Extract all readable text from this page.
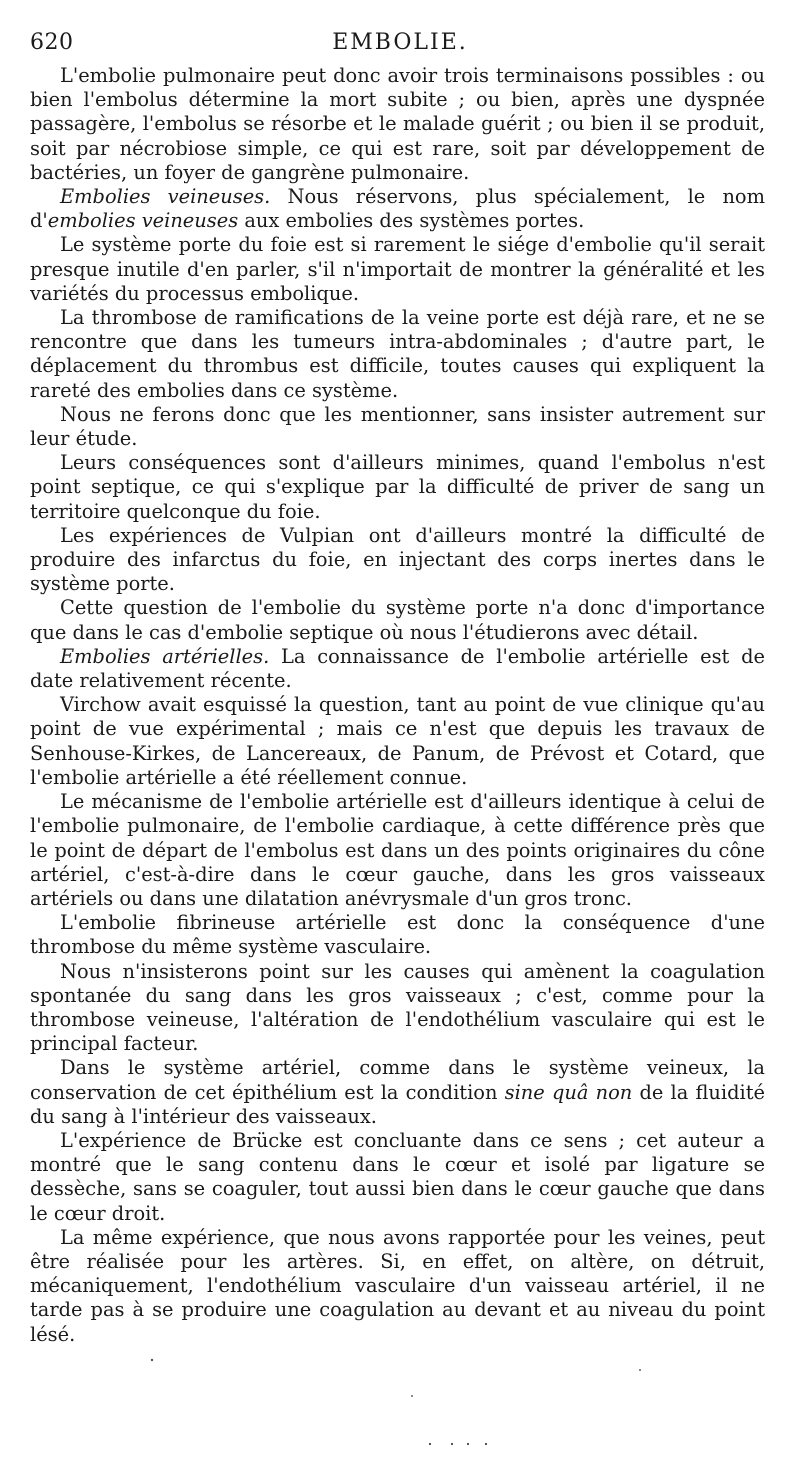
620	EMBOLIE.

L'embolie pulmonaire peut donc avoir trois terminaisons possibles : ou bien l'embolus détermine la mort subite ; ou bien, après une dyspnée passagère, l'embolus se résorbe et le malade guérit ; ou bien il se produit, soit par nécrobiose simple, ce qui est rare, soit par développement de bactéries, un foyer de gangrène pulmonaire.

Embolies veineuses. Nous réservons, plus spécialement, le nom d'embolies veineuses aux embolies des systèmes portes.

Le système porte du foie est si rarement le siége d'embolie qu'il serait presque inutile d'en parler, s'il n'importait de montrer la généralité et les variétés du processus embolique.

La thrombose de ramifications de la veine porte est déjà rare, et ne se rencontre que dans les tumeurs intra-abdominales ; d'autre part, le déplacement du thrombus est difficile, toutes causes qui expliquent la rareté des embolies dans ce système.

Nous ne ferons donc que les mentionner, sans insister autrement sur leur étude.

Leurs conséquences sont d'ailleurs minimes, quand l'embolus n'est point septique, ce qui s'explique par la difficulté de priver de sang un territoire quelconque du foie.

Les expériences de Vulpian ont d'ailleurs montré la difficulté de produire des infarctus du foie, en injectant des corps inertes dans le système porte.

Cette question de l'embolie du système porte n'a donc d'importance que dans le cas d'embolie septique où nous l'étudierons avec détail.

Embolies artérielles. La connaissance de l'embolie artérielle est de date relativement récente.

Virchow avait esquissé la question, tant au point de vue clinique qu'au point de vue expérimental ; mais ce n'est que depuis les travaux de Senhouse-Kirkes, de Lancereaux, de Panum, de Prévost et Cotard, que l'embolie artérielle a été réellement connue.

Le mécanisme de l'embolie artérielle est d'ailleurs identique à celui de l'embolie pulmonaire, de l'embolie cardiaque, à cette différence près que le point de départ de l'embolus est dans un des points originaires du cône artériel, c'est-à-dire dans le cœur gauche, dans les gros vaisseaux artériels ou dans une dilatation anévrysmale d'un gros tronc.

L'embolie fibrineuse artérielle est donc la conséquence d'une thrombose du même système vasculaire.

Nous n'insisterons point sur les causes qui amènent la coagulation spontanée du sang dans les gros vaisseaux ; c'est, comme pour la thrombose veineuse, l'altération de l'endothélium vasculaire qui est le principal facteur.

Dans le système artériel, comme dans le système veineux, la conservation de cet épithélium est la condition sine quâ non de la fluidité du sang à l'intérieur des vaisseaux.

L'expérience de Brücke est concluante dans ce sens ; cet auteur a montré que le sang contenu dans le cœur et isolé par ligature se dessèche, sans se coaguler, tout aussi bien dans le cœur gauche que dans le cœur droit.

La même expérience, que nous avons rapportée pour les veines, peut être réalisée pour les artères. Si, en effet, on altère, on détruit, mécaniquement, l'endothélium vasculaire d'un vaisseau artériel, il ne tarde pas à se produire une coagulation au devant et au niveau du point lésé.
